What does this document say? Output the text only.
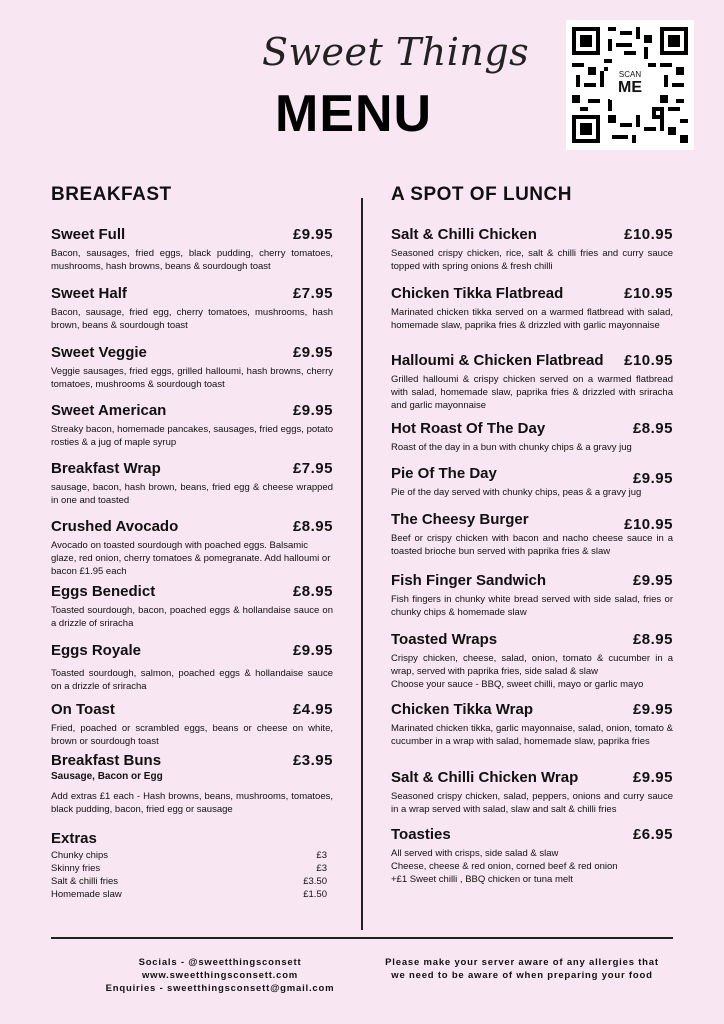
Sweet Things
MENU
SCAN
ME
BREAKFAST	A SPOT OF LUNCH
Sweet Full	£9.95
Bacon, sausages, fried eggs, black pudding, cherry tomatoes, mushrooms, hash browns, beans & sourdough toast
Sweet Half	£7.95
Bacon, sausage, fried egg, cherry tomatoes, mushrooms, hash brown, beans & sourdough toast
Sweet Veggie	£9.95
Veggie sausages, fried eggs, grilled halloumi, hash browns, cherry tomatoes, mushrooms & sourdough toast
Sweet American	£9.95
Streaky bacon, homemade pancakes, sausages, fried eggs, potato rosties & a jug of maple syrup
Breakfast Wrap	£7.95
sausage, bacon, hash brown, beans, fried egg & cheese wrapped in one and toasted
Crushed Avocado	£8.95
Avocado on toasted sourdough with poached eggs. Balsamic glaze, red onion, cherry tomatoes & pomegranate. Add halloumi or bacon £1.95 each
Eggs Benedict	£8.95
Toasted sourdough, bacon, poached eggs & hollandaise sauce on a drizzle of sriracha
Eggs Royale	£9.95
Toasted sourdough, salmon, poached eggs & hollandaise sauce on a drizzle of sriracha
On Toast	£4.95
Fried, poached or scrambled eggs, beans or cheese on white, brown or sourdough toast
Breakfast Buns	£3.95
Sausage, Bacon or Egg
Add extras £1 each - Hash browns, beans, mushrooms, tomatoes, black pudding, bacon, fried egg or sausage
Extras
Chunky chips	£3
Skinny fries	£3
Salt & chilli fries	£3.50
Homemade slaw	£1.50
Salt & Chilli Chicken	£10.95
Seasoned crispy chicken, rice, salt & chilli fries and curry sauce topped with spring onions & fresh chilli
Chicken Tikka Flatbread	£10.95
Marinated chicken tikka served on a warmed flatbread with salad, homemade slaw, paprika fries & drizzled with garlic mayonnaise
Halloumi & Chicken Flatbread £10.95
Grilled halloumi & crispy chicken served on a warmed flatbread with salad, homemade slaw, paprika fries & drizzled with sriracha and garlic mayonnaise
Hot Roast Of The Day	£8.95
Roast of the day in a bun with chunky chips & a gravy jug
Pie Of The Day	£9.95
Pie of the day served with chunky chips, peas & a gravy jug
The Cheesy Burger	£10.95
Beef or crispy chicken with bacon and nacho cheese sauce in a toasted brioche bun served with paprika fries & slaw
Fish Finger Sandwich	£9.95
Fish fingers in chunky white bread served with side salad, fries or chunky chips & homemade slaw
Toasted Wraps	£8.95
Crispy chicken, cheese, salad, onion, tomato & cucumber in a wrap, served with paprika fries, side salad & slaw
Choose your sauce - BBQ, sweet chilli, mayo or garlic mayo
Chicken Tikka Wrap	£9.95
Marinated chicken tikka, garlic mayonnaise, salad, onion, tomato & cucumber in a wrap with salad, homemade slaw, paprika fries
Salt & Chilli Chicken Wrap	£9.95
Seasoned crispy chicken, salad, peppers, onions and curry sauce in a wrap served with salad, slaw and salt & chilli fries
Toasties	£6.95
All served with crisps, side salad & slaw
Cheese, cheese & red onion, corned beef & red onion
+£1 Sweet chilli , BBQ chicken or tuna melt
Socials - @sweetthingsconsett
www.sweetthingsconsett.com
Enquiries - sweetthingsconsett@gmail.com
Please make your server aware of any allergies that
we need to be aware of when preparing your food
